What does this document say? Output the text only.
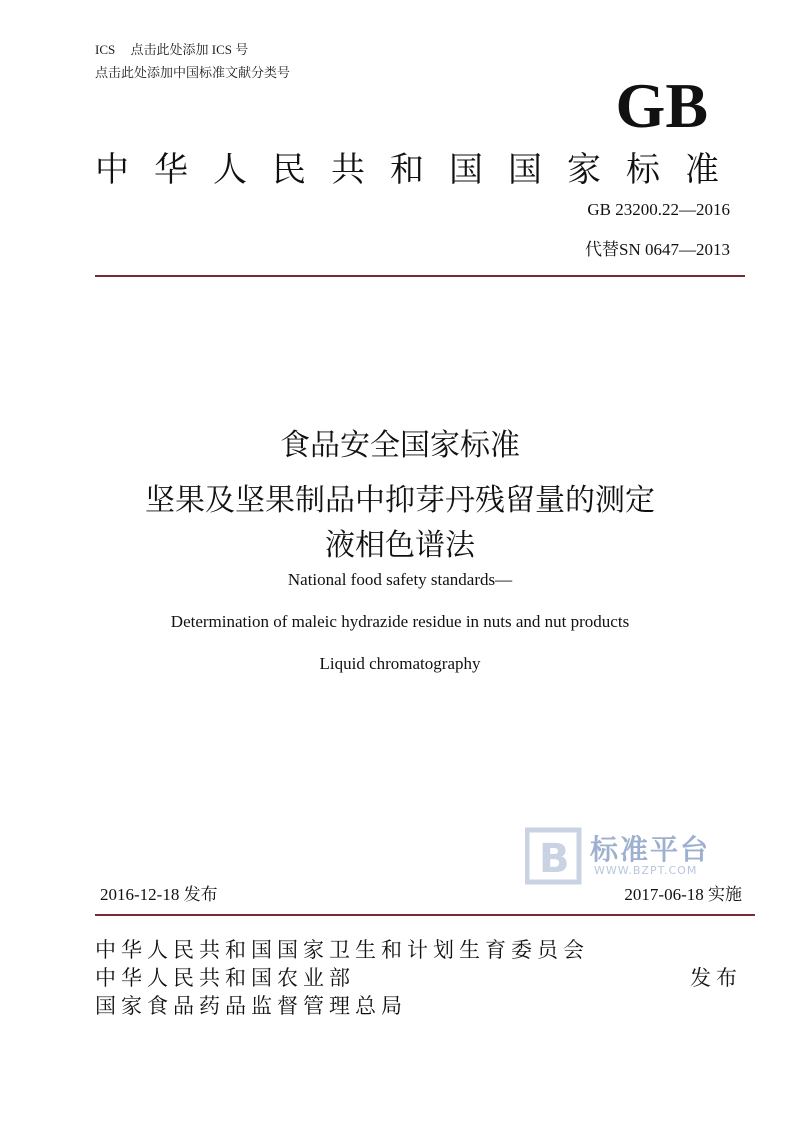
ICS 点击此处添加 ICS 号
点击此处添加中国标准文献分类号	GB
中华人民共和国国家标准
GB 23200.22—2016
代替SN 0647—2013
食品安全国家标准
坚果及坚果制品中抑芽丹残留量的测定
液相色谱法
National food safety standards—
Determination of maleic hydrazide residue in nuts and nut products
Liquid chromatography
B 标准平台
WWW.BZPT.COM
2016-12-18 发布	2017-06-18 实施
中华人民共和国国家卫生和计划生育委员会
中华人民共和国农业部
国家食品药品监督管理总局
发布
